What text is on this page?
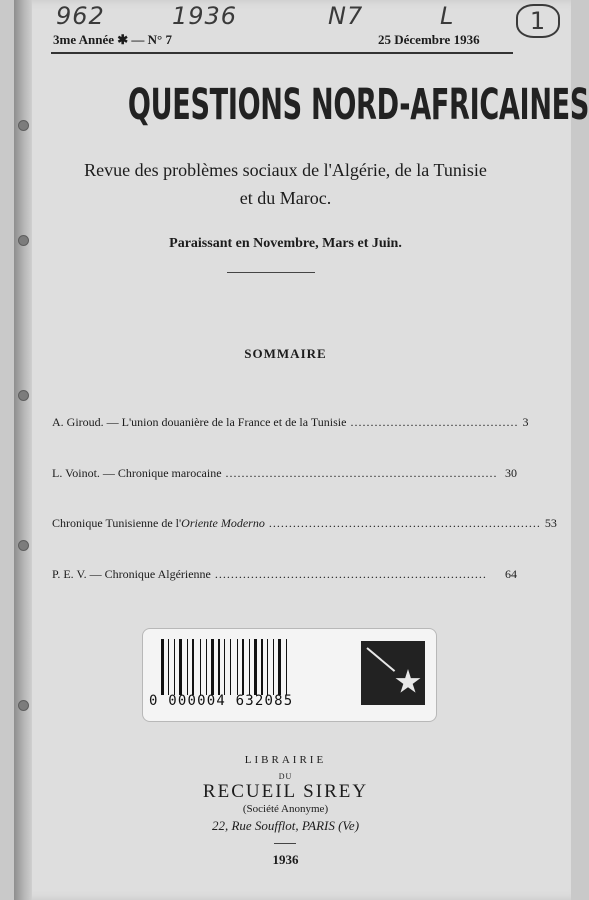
962	1936	N7	L	1
3me Année ✱ — N° 7	25 Décembre 1936
QUESTIONS NORD-AFRICAINES
Revue des problèmes sociaux de l'Algérie, de la Tunisie
et du Maroc.
Paraissant en Novembre, Mars et Juin.
SOMMAIRE
A. Giroud. — L'union douanière de la France et de la Tunisie .......................................... 3
L. Voinot. — Chronique marocaine .................................................................... 30
Chronique Tunisienne de l'Oriente Moderno .................................................................... 53
P. E. V. — Chronique Algérienne ....................................................................	64
0 000004 632085
LIBRAIRIE
DU
RECUEIL SIREY
(Société Anonyme)
22, Rue Soufflot, PARIS (Ve)
1936
